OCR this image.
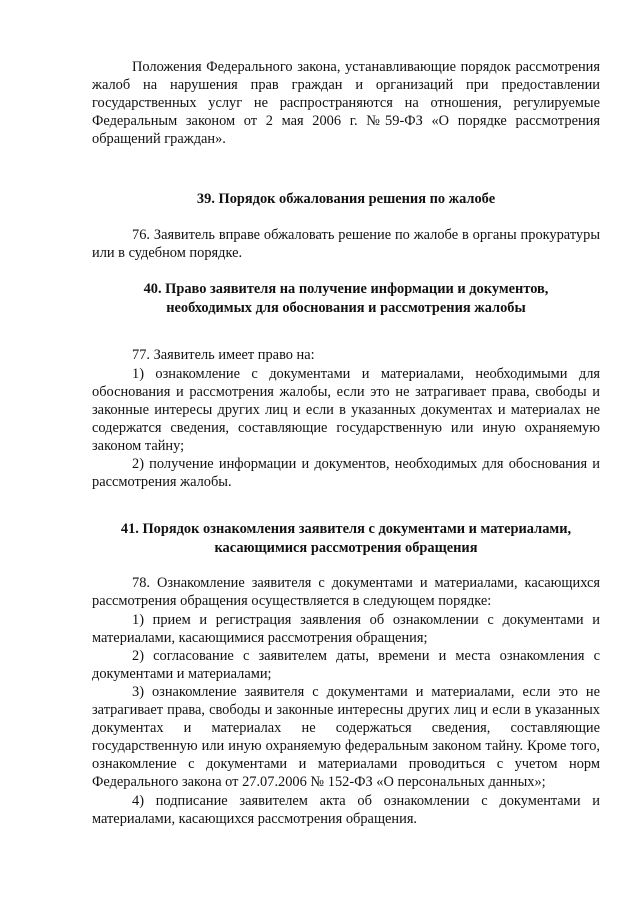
Положения Федерального закона, устанавливающие порядок рассмотрения жалоб на нарушения прав граждан и организаций при предоставлении государственных услуг не распространяются на отношения, регулируемые Федеральным законом от 2 мая 2006 г. №59-ФЗ «О порядке рассмотрения обращений граждан».

39. Порядок обжалования решения по жалобе

76. Заявитель вправе обжаловать решение по жалобе в органы прокуратуры или в судебном порядке.

40. Право заявителя на получение информации и документов,
необходимых для обоснования и рассмотрения жалобы

77. Заявитель имеет право на:

1) ознакомление с документами и материалами, необходимыми для обоснования и рассмотрения жалобы, если это не затрагивает права, свободы и законные интересы других лиц и если в указанных документах и материалах не содержатся сведения, составляющие государственную или иную охраняемую законом тайну;

2) получение информации и документов, необходимых для обоснования и рассмотрения жалобы.

41. Порядок ознакомления заявителя с документами и материалами,
касающимися рассмотрения обращения

78. Ознакомление заявителя с документами и материалами, касающихся рассмотрения обращения осуществляется в следующем порядке:

1) прием и регистрация заявления об ознакомлении с документами и материалами, касающимися рассмотрения обращения;

2) согласование с заявителем даты, времени и места ознакомления с документами и материалами;

3) ознакомление заявителя с документами и материалами, если это не затрагивает права, свободы и законные интересны других лиц и если в указанных документах и материалах не содержаться сведения, составляющие государственную или иную охраняемую федеральным законом тайну. Кроме того, ознакомление с документами и материалами проводиться с учетом норм Федерального закона от 27.07.2006 № 152-ФЗ «О персональных данных»;

4) подписание заявителем акта об ознакомлении с документами и материалами, касающихся рассмотрения обращения.
